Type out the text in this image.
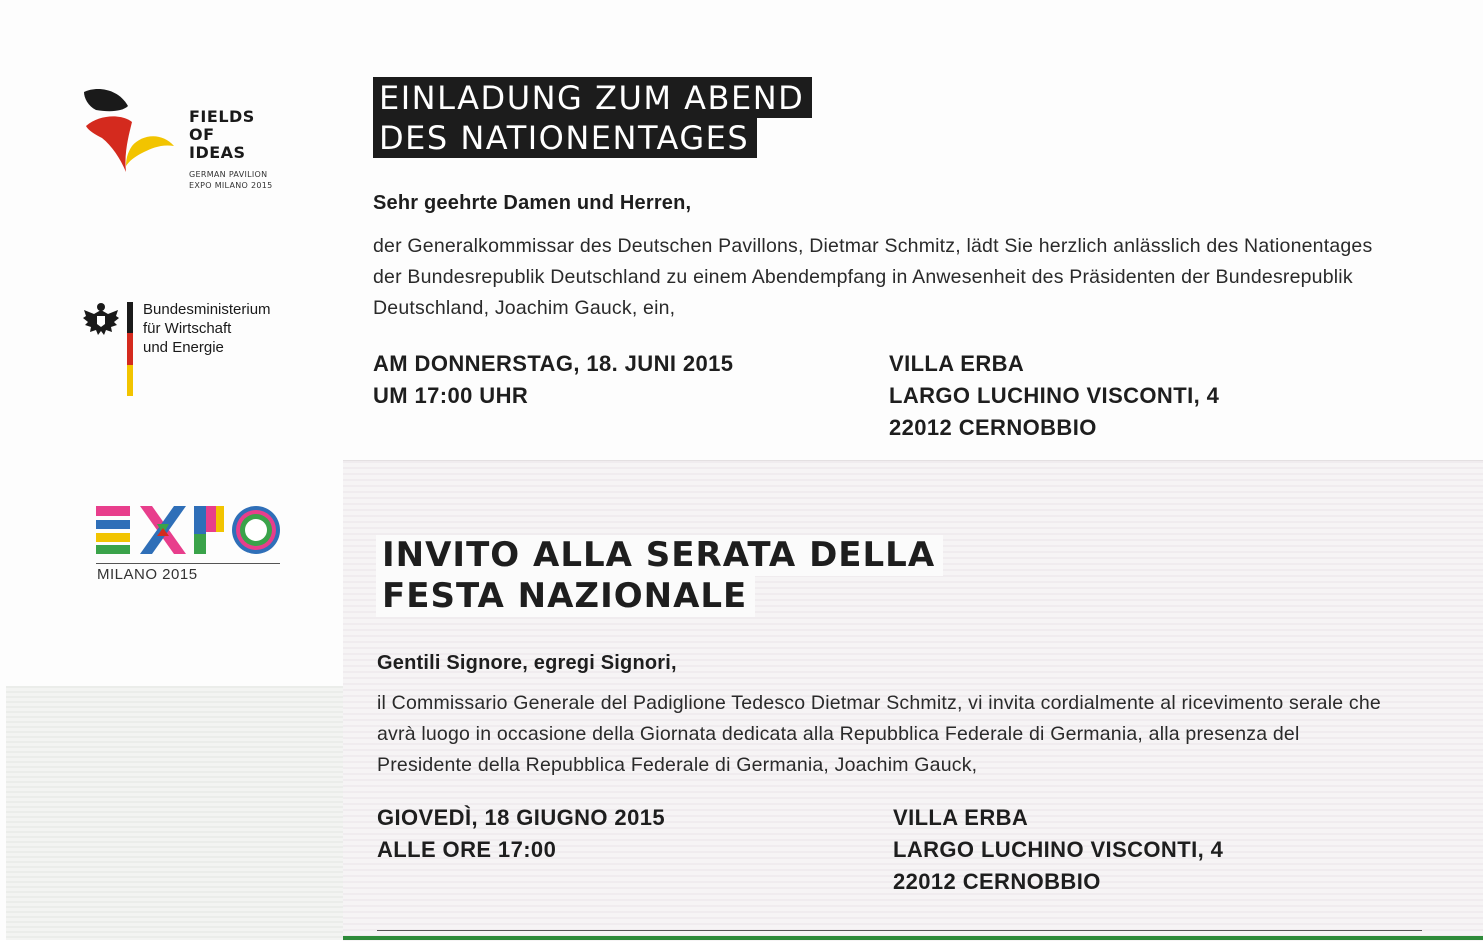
FIELDS
OF
IDEAS
GERMAN PAVILION
EXPO MILANO 2015
Bundesministerium
für Wirtschaft
und Energie
MILANO 2015
EINLADUNG ZUM ABEND
DES NATIONENTAGES
Sehr geehrte Damen und Herren,
der Generalkommissar des Deutschen Pavillons, Dietmar Schmitz, lädt Sie herzlich anlässlich des Nationentages der Bundesrepublik Deutschland zu einem Abendempfang in Anwesenheit des Präsidenten der Bundesrepublik Deutschland, Joachim Gauck, ein,
AM DONNERSTAG, 18. JUNI 2015
UM 17:00 UHR
VILLA ERBA
LARGO LUCHINO VISCONTI, 4
22012 CERNOBBIO
INVITO ALLA SERATA DELLA
FESTA NAZIONALE
Gentili Signore, egregi Signori,
il Commissario Generale del Padiglione Tedesco Dietmar Schmitz, vi invita cordialmente al ricevimento serale che avrà luogo in occasione della Giornata dedicata alla Repubblica Federale di Germania, alla presenza del Presidente della Repubblica Federale di Germania, Joachim Gauck,
GIOVEDÌ, 18 GIUGNO 2015
ALLE ORE 17:00
VILLA ERBA
LARGO LUCHINO VISCONTI, 4
22012 CERNOBBIO
